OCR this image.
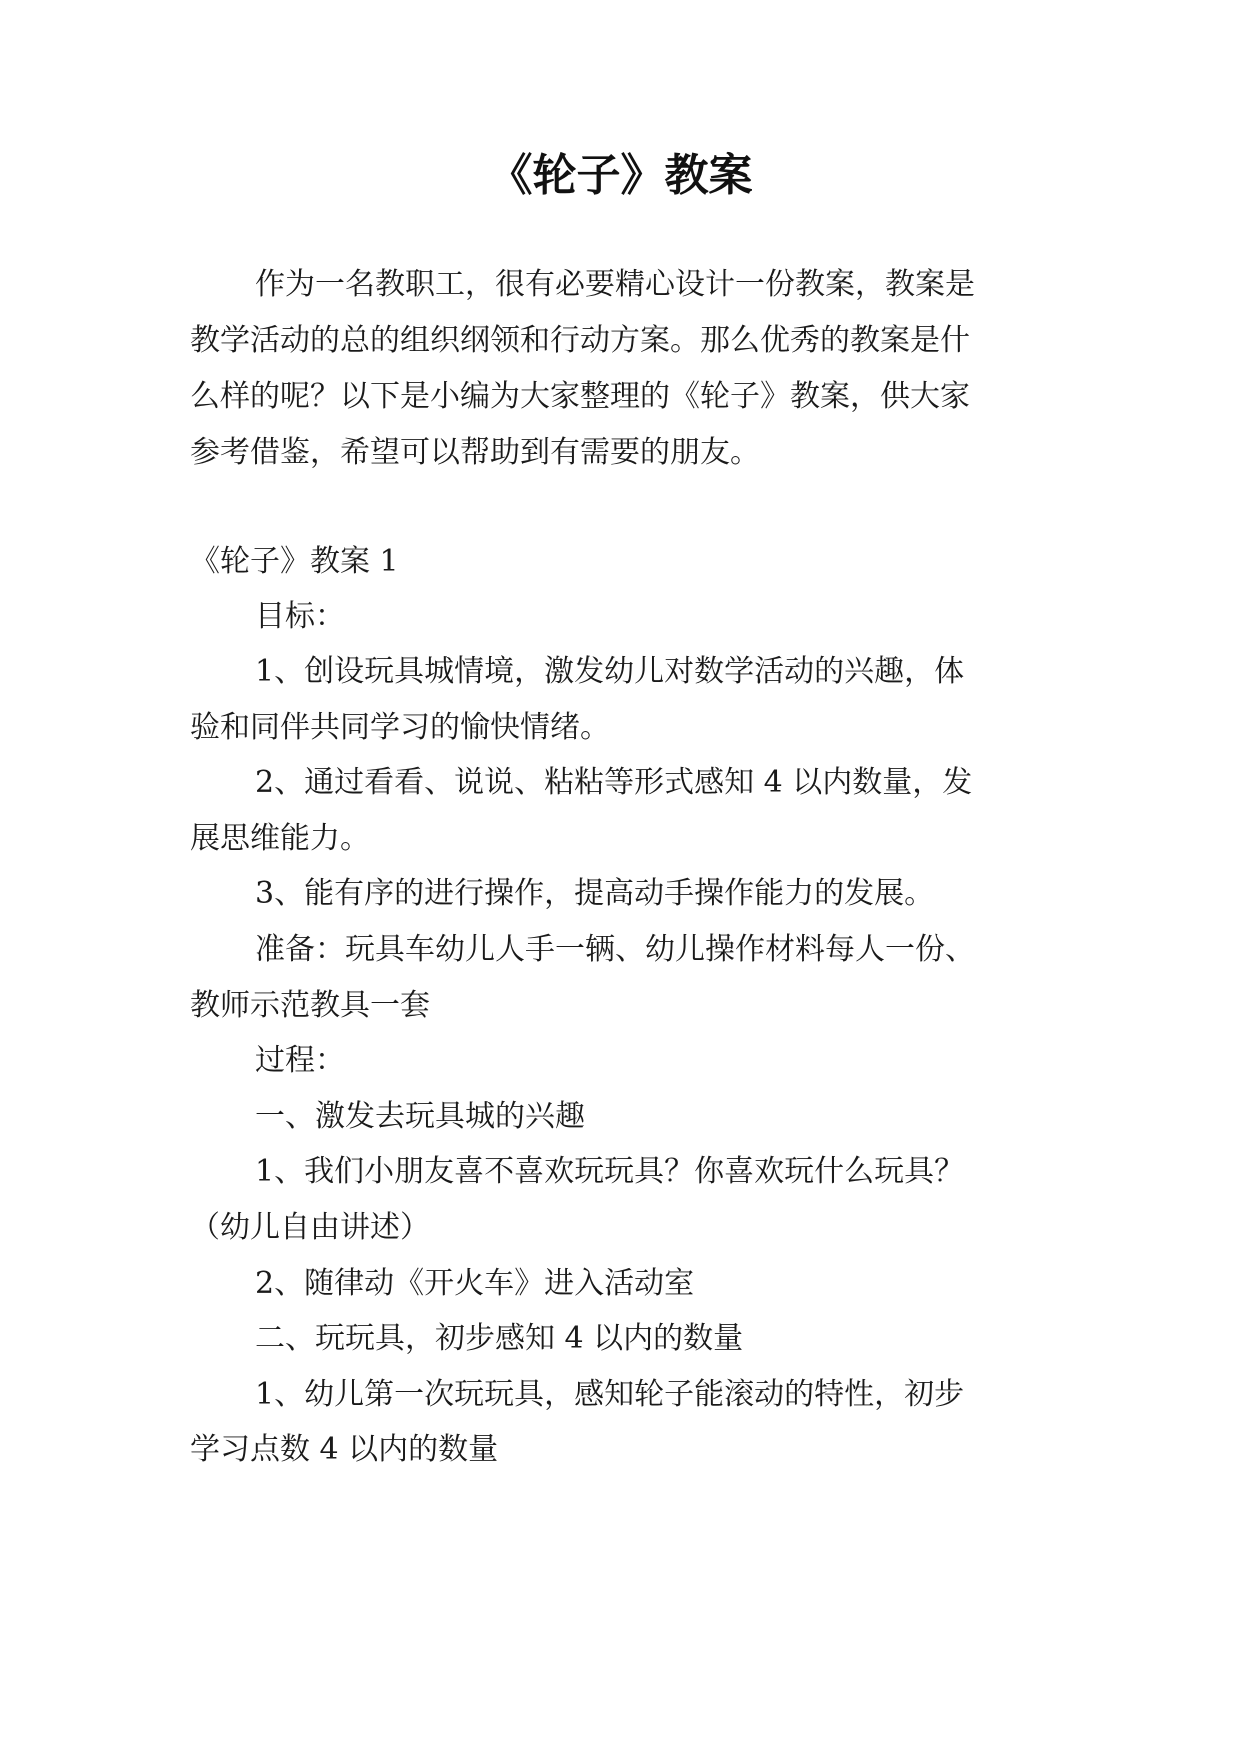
《轮子》教案

作为一名教职工，很有必要精心设计一份教案，教案是

教学活动的总的组织纲领和行动方案。那么优秀的教案是什

么样的呢？以下是小编为大家整理的《轮子》教案，供大家

参考借鉴，希望可以帮助到有需要的朋友。

《轮子》教案 1

目标：

1、创设玩具城情境，激发幼儿对数学活动的兴趣，体

验和同伴共同学习的愉快情绪。

2、通过看看、说说、粘粘等形式感知 4 以内数量，发

展思维能力。

3、能有序的进行操作，提高动手操作能力的发展。

准备：玩具车幼儿人手一辆、幼儿操作材料每人一份、

教师示范教具一套

过程：

一、激发去玩具城的兴趣

1、我们小朋友喜不喜欢玩玩具？你喜欢玩什么玩具？

（幼儿自由讲述）

2、随律动《开火车》进入活动室

二、玩玩具，初步感知 4 以内的数量

1、幼儿第一次玩玩具，感知轮子能滚动的特性，初步

学习点数 4 以内的数量
